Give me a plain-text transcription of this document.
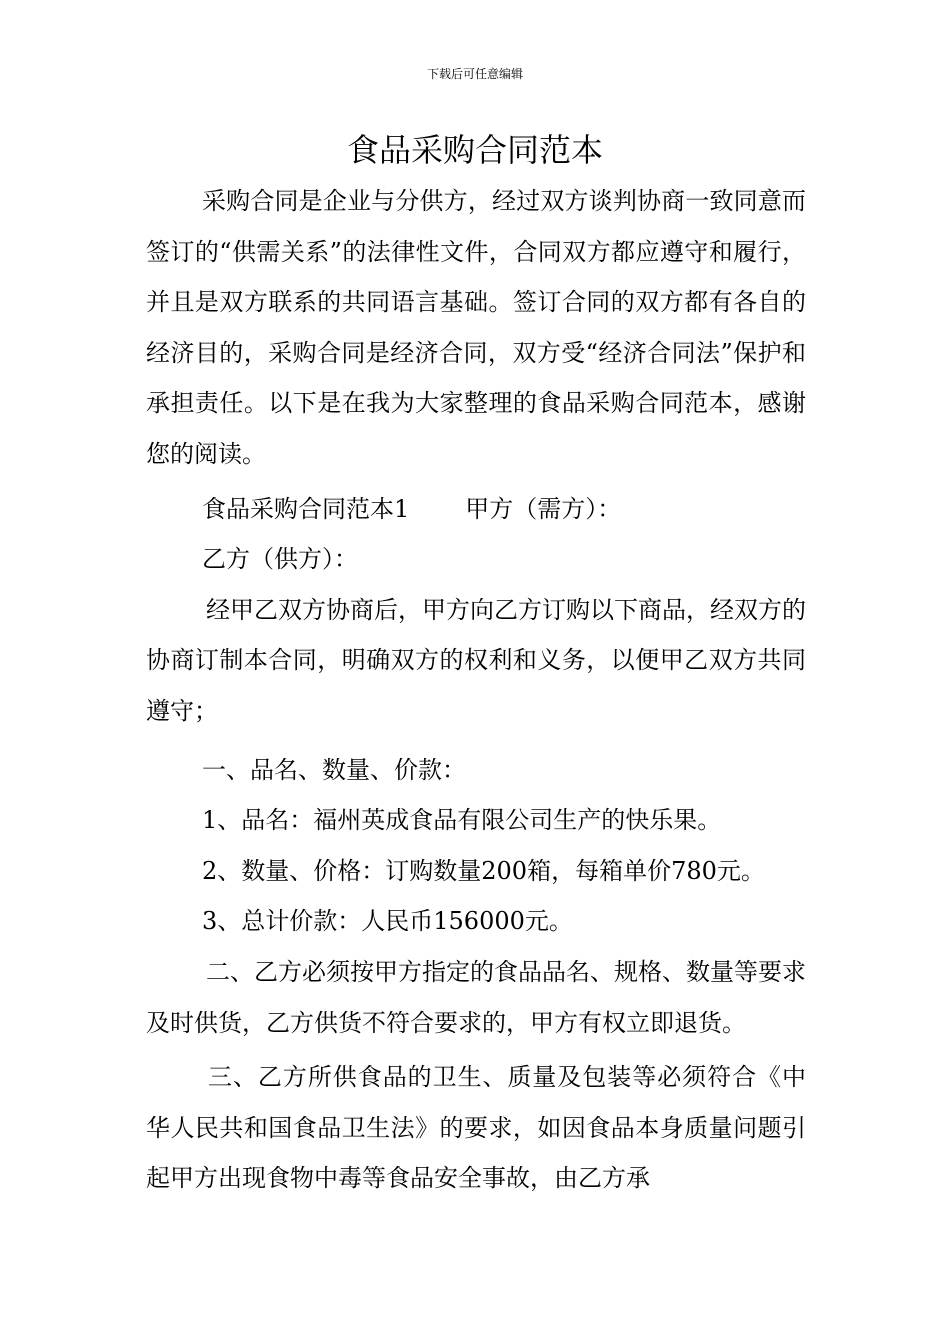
下载后可任意编辑
食品采购合同范本

采购合同是企业与分供方，经过双方谈判协商一致同意而签订的“供需关系”的法律性文件，合同双方都应遵守和履行，并且是双方联系的共同语言基础。签订合同的双方都有各自的经济目的，采购合同是经济合同，双方受“经济合同法”保护和承担责任。以下是在我为大家整理的食品采购合同范本，感谢您的阅读。

食品采购合同范本1 甲方（需方）：

乙方（供方）：

经甲乙双方协商后，甲方向乙方订购以下商品，经双方的协商订制本合同，明确双方的权利和义务，以便甲乙双方共同遵守；

一、品名、数量、价款：

1、品名：福州英成食品有限公司生产的快乐果。

2、数量、价格：订购数量200箱，每箱单价780元。

3、总计价款：人民币156000元。

二、乙方必须按甲方指定的食品品名、规格、数量等要求及时供货，乙方供货不符合要求的，甲方有权立即退货。

三、乙方所供食品的卫生、质量及包装等必须符合《中华人民共和国食品卫生法》的要求，如因食品本身质量问题引起甲方出现食物中毒等食品安全事故，由乙方承
